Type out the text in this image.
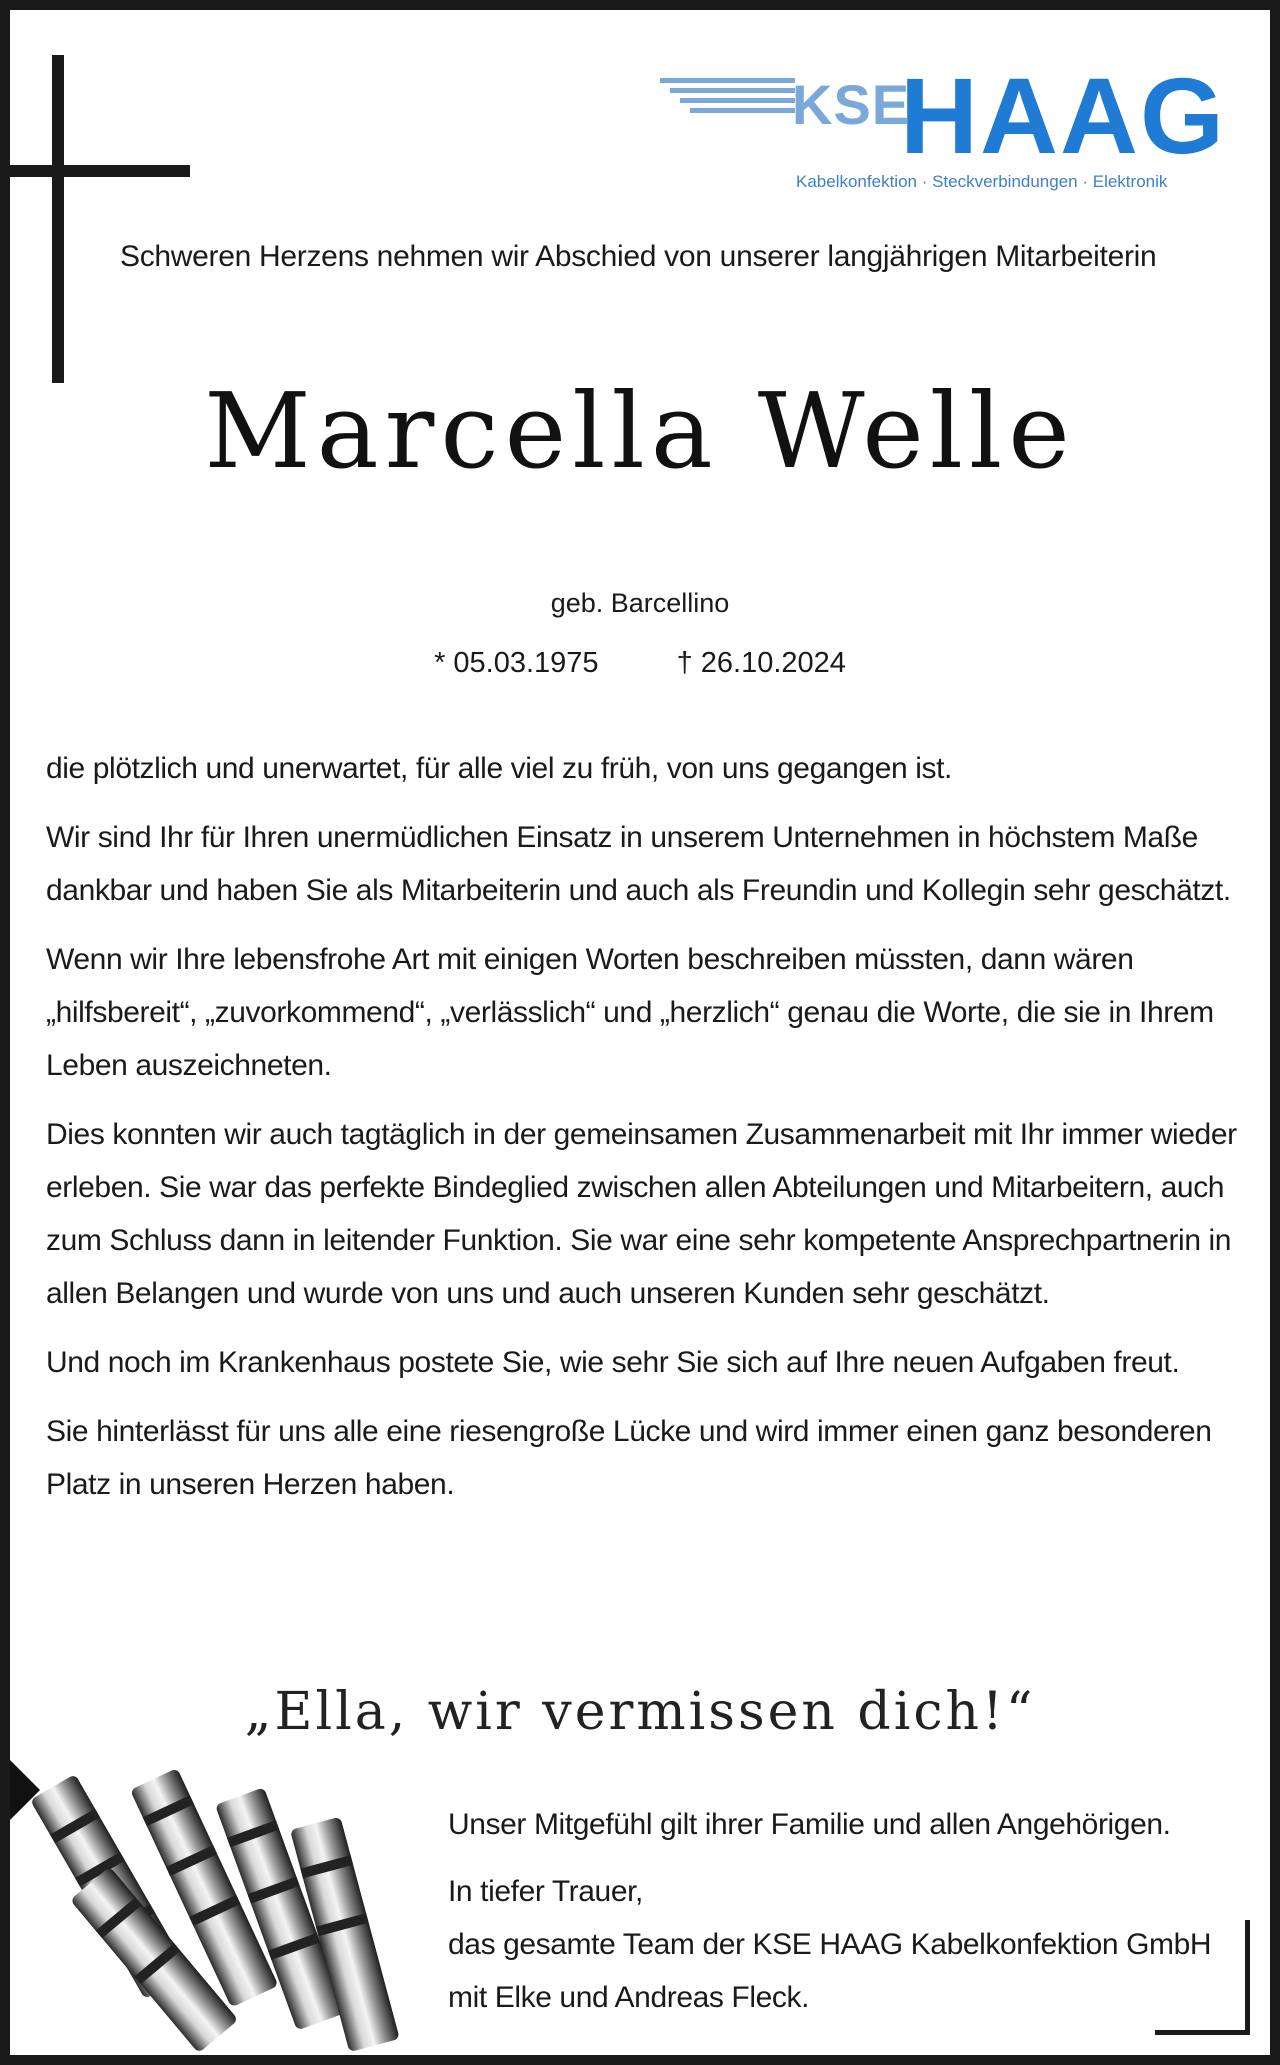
KSE
HAAG
Kabelkonfektion · Steckverbindungen · Elektronik
Schweren Herzens nehmen wir Abschied von unserer langjährigen Mitarbeiterin
Marcella Welle
geb. Barcellino
* 05.03.1975	† 26.10.2024

die plötzlich und unerwartet, für alle viel zu früh, von uns gegangen ist.

Wir sind Ihr für Ihren unermüdlichen Einsatz in unserem Unternehmen in höchstem Maße dankbar und haben Sie als Mitarbeiterin und auch als Freundin und Kollegin sehr geschätzt.

Wenn wir Ihre lebensfrohe Art mit einigen Worten beschreiben müssten, dann wären „hilfsbereit“, „zuvorkommend“, „verlässlich“ und „herzlich“ genau die Worte, die sie in Ihrem Leben auszeichneten.

Dies konnten wir auch tagtäglich in der gemeinsamen Zusammenarbeit mit Ihr immer wieder erleben. Sie war das perfekte Bindeglied zwischen allen Abteilungen und Mitarbeitern, auch zum Schluss dann in leitender Funktion. Sie war eine sehr kompetente Ansprechpartnerin in allen Belangen und wurde von uns und auch unseren Kunden sehr geschätzt.

Und noch im Krankenhaus postete Sie, wie sehr Sie sich auf Ihre neuen Aufgaben freut.

Sie hinterlässt für uns alle eine riesengroße Lücke und wird immer einen ganz besonderen Platz in unseren Herzen haben.

„Ella, wir vermissen dich!“

Unser Mitgefühl gilt ihrer Familie und allen Angehörigen.

In tiefer Trauer,
das gesamte Team der KSE HAAG Kabelkonfektion GmbH
mit Elke und Andreas Fleck.
